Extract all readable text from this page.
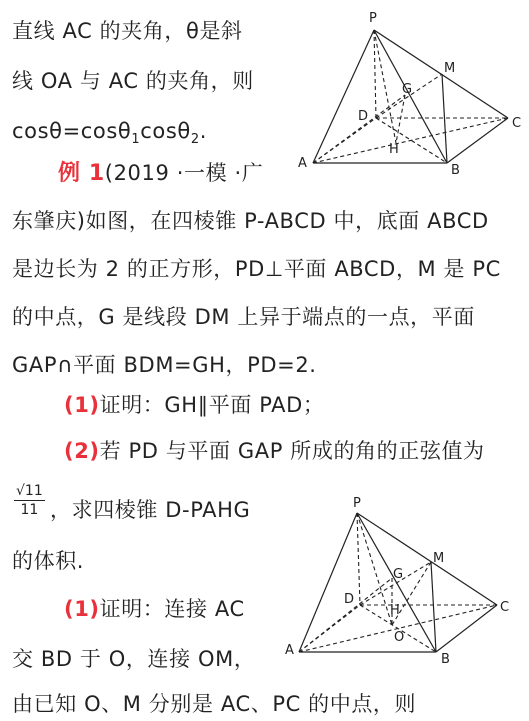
直线 AC 的夹角，θ是斜
线 OA 与 AC 的夹角，则
cosθ=cosθ$_1$cosθ$_2$.
例 1(2019 ·一模 ·广
东肇庆)如图，在四棱锥 P-ABCD 中，底面 ABCD
是边长为 2 的正方形，PD⊥平面 ABCD，M 是 PC
的中点，G 是线段 DM 上异于端点的一点，平面
GAP∩平面 BDM=GH，PD=2.
(1)证明：GH∥平面 PAD；
(2)若 PD 与平面 GAP 所成的角的正弦值为
√11
11 ，求四棱锥 D-PAHG
的体积.
(1)证明：连接 AC
交 BD 于 O，连接 OM，
由已知 O、M 分别是 AC、PC 的中点，则
P
M
G
D	C
H
A	B
P
M
G
D
H	C
O
A
B
